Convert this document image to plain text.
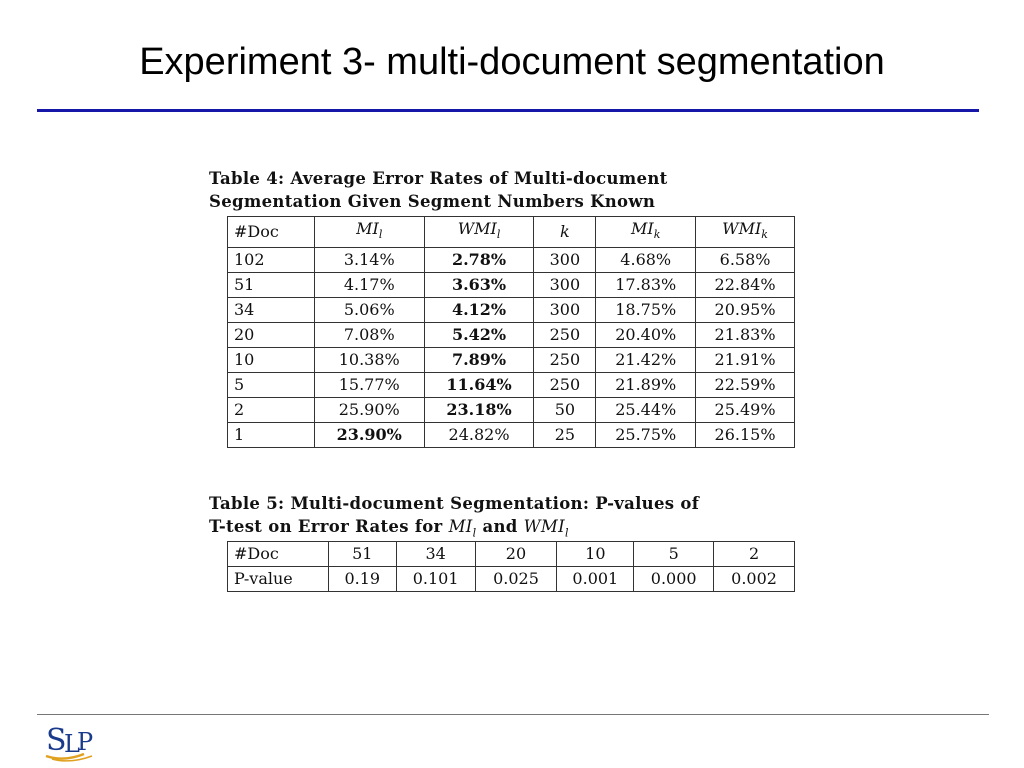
Experiment 3- multi-document segmentation
Table 4: Average Error Rates of Multi-document
Segmentation Given Segment Numbers Known
#Doc	$MI_l$	$WMI_l$	k	$MI_k$	$WMI_k$
102	3.14%	2.78%	300	4.68%	6.58%
51	4.17%	3.63%	300	17.83%	22.84%
34	5.06%	4.12%	300	18.75%	20.95%
20	7.08%	5.42%	250	20.40%	21.83%
10	10.38%	7.89%	250	21.42%	21.91%
5	15.77%	11.64%	250	21.89%	22.59%
2	25.90%	23.18%	50	25.44%	25.49%
1	23.90%	24.82%	25	25.75%	26.15%
Table 5: Multi-document Segmentation: P-values of
T-test on Error Rates for $MI_l$ and $WMI_l$
#Doc	51	34	20	10	5	2
P-value	0.19	0.101	0.025	0.001	0.000	0.002
S
L
P
